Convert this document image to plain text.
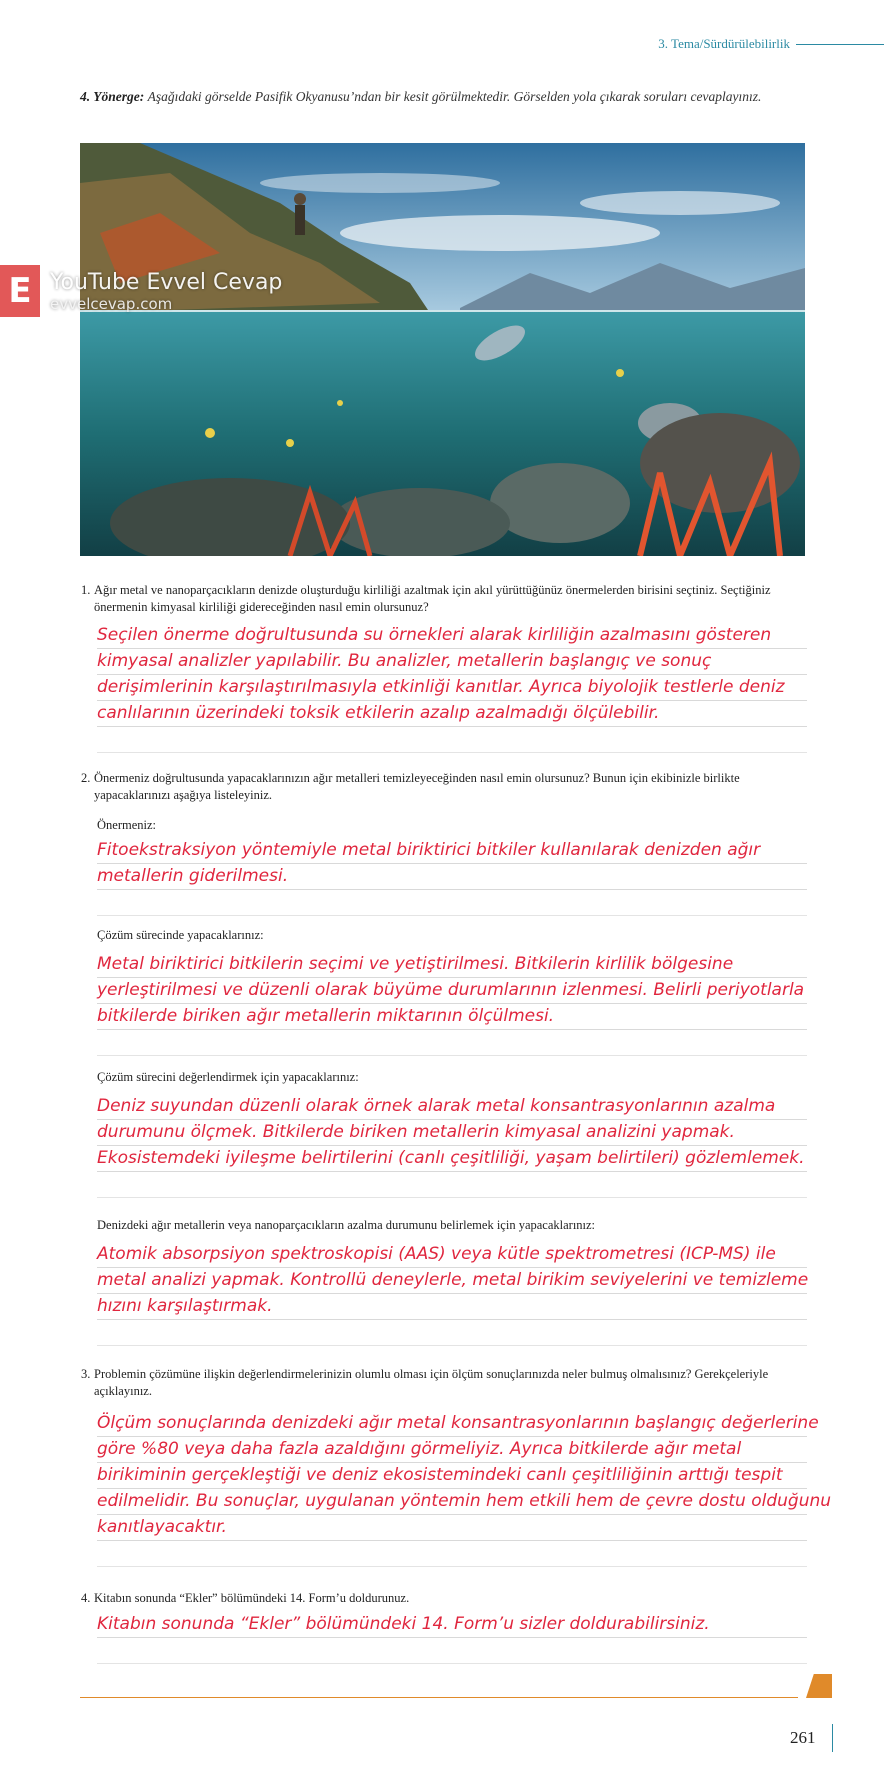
3. Tema/Sürdürülebilirlik
4. Yönerge: Aşağıdaki görselde Pasifik Okyanusu’ndan bir kesit görülmektedir. Görselden yola çıkarak soruları cevaplayınız.
E YouTube Evvel Cevap
evvelcevap.com
1. Ağır metal ve nanoparçacıkların denizde oluşturduğu kirliliği azaltmak için akıl yürüttüğünüz önermelerden birisini seçtiniz. Seçtiğiniz önermenin kimyasal kirliliği gidereceğinden nasıl emin olursunuz?
Seçilen önerme doğrultusunda su örnekleri alarak kirliliğin azalmasını gösteren
kimyasal analizler yapılabilir. Bu analizler, metallerin başlangıç ve sonuç
derişimlerinin karşılaştırılmasıyla etkinliği kanıtlar. Ayrıca biyolojik testlerle deniz
canlılarının üzerindeki toksik etkilerin azalıp azalmadığı ölçülebilir.
2. Önermeniz doğrultusunda yapacaklarınızın ağır metalleri temizleyeceğinden nasıl emin olursunuz? Bunun için ekibinizle birlikte yapacaklarınızı aşağıya listeleyiniz.
Önermeniz:
Fitoekstraksiyon yöntemiyle metal biriktirici bitkiler kullanılarak denizden ağır
metallerin giderilmesi.
Çözüm sürecinde yapacaklarınız:
Metal biriktirici bitkilerin seçimi ve yetiştirilmesi. Bitkilerin kirlilik bölgesine
yerleştirilmesi ve düzenli olarak büyüme durumlarının izlenmesi. Belirli periyotlarla
bitkilerde biriken ağır metallerin miktarının ölçülmesi.
Çözüm sürecini değerlendirmek için yapacaklarınız:
Deniz suyundan düzenli olarak örnek alarak metal konsantrasyonlarının azalma
durumunu ölçmek. Bitkilerde biriken metallerin kimyasal analizini yapmak.
Ekosistemdeki iyileşme belirtilerini (canlı çeşitliliği, yaşam belirtileri) gözlemlemek.
Denizdeki ağır metallerin veya nanoparçacıkların azalma durumunu belirlemek için yapacaklarınız:
Atomik absorpsiyon spektroskopisi (AAS) veya kütle spektrometresi (ICP-MS) ile
metal analizi yapmak. Kontrollü deneylerle, metal birikim seviyelerini ve temizleme
hızını karşılaştırmak.
3. Problemin çözümüne ilişkin değerlendirmelerinizin olumlu olması için ölçüm sonuçlarınızda neler bulmuş olmalısınız? Gerekçeleriyle açıklayınız.
Ölçüm sonuçlarında denizdeki ağır metal konsantrasyonlarının başlangıç değerlerine
göre %80 veya daha fazla azaldığını görmeliyiz. Ayrıca bitkilerde ağır metal
birikiminin gerçekleştiği ve deniz ekosistemindeki canlı çeşitliliğinin arttığı tespit
edilmelidir. Bu sonuçlar, uygulanan yöntemin hem etkili hem de çevre dostu olduğunu
kanıtlayacaktır.
4. Kitabın sonunda “Ekler” bölümündeki 14. Form’u doldurunuz.
Kitabın sonunda “Ekler” bölümündeki 14. Form’u sizler doldurabilirsiniz.
261
